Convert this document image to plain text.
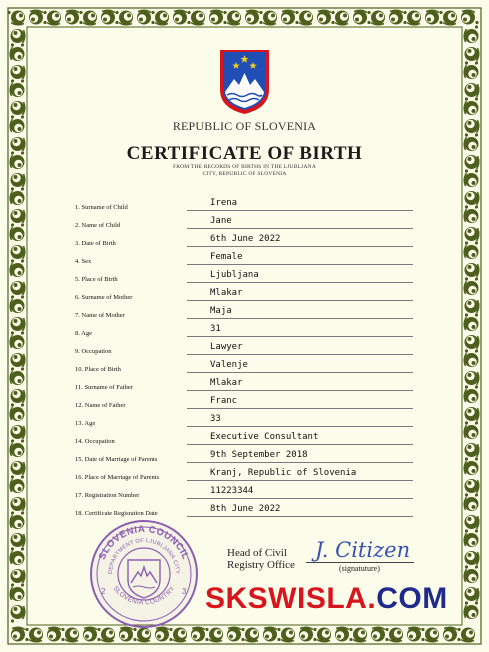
REPUBLIC OF SLOVENIA
CERTIFICATE OF BIRTH
FROM THE RECORDS OF BIRTHS IN THE LJUBLJANA
CITY, REPUBLIC OF SLOVENIA
1. Surname of Child	Irena
2. Name of Child	Jane
3. Date of Birth	6th June 2022
4. Sex	Female
5. Place of Birth	Ljubljana
6. Surname of Mother	Mlakar
7. Name of Mother	Maja
8. Age	31
9. Occupation	Lawyer
10. Place of Birth	Valenje
11. Surname of Father	Mlakar
12. Name of Father	Franc
13. Age	33
14. Occupation	Executive Consultant
15. Date of Marriage of Parents	9th September 2018
16. Place of Marriage of Parents	Kranj, Republic of Slovenia
17. Registration Number	11223344
18. Certificate Regisration Date	8th June 2022
SLOVENIA COUNCIL
DEPARTMENT OF LJUBLJANA CITY
SLOVENIA COUNTRY
2	3
Head of Civil
Registry Office
J. Citizen
(signatuture)
SKSWISLA.COM
